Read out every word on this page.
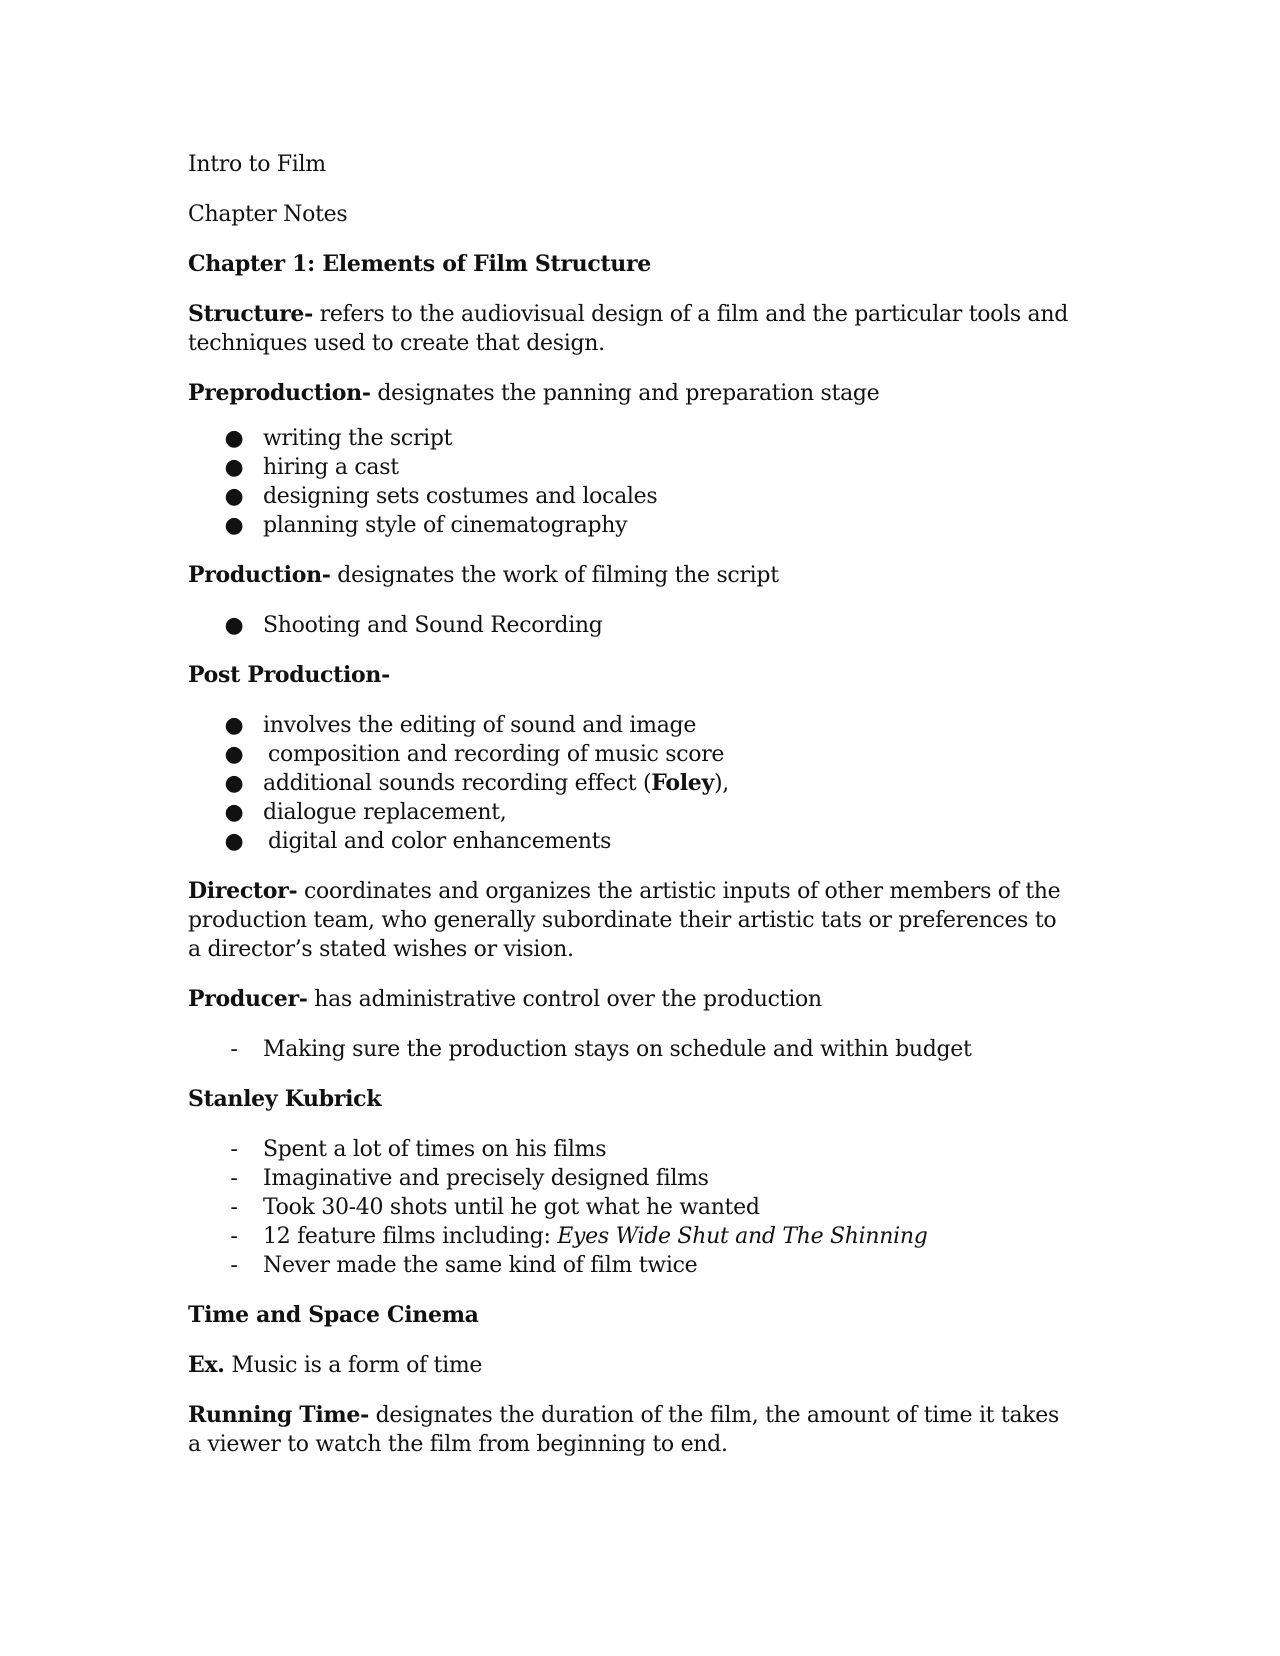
Intro to Film

Chapter Notes

Chapter 1: Elements of Film Structure

Structure- refers to the audiovisual design of a film and the particular tools and techniques used to create that design.

Preproduction- designates the panning and preparation stage

● writing the script
● hiring a cast
● designing sets costumes and locales
● planning style of cinematography

Production- designates the work of filming the script

● Shooting and Sound Recording

Post Production-

● involves the editing of sound and image
● composition and recording of music score
● additional sounds recording effect (Foley),
● dialogue replacement,
● digital and color enhancements

Director- coordinates and organizes the artistic inputs of other members of the production team, who generally subordinate their artistic tats or preferences to a director’s stated wishes or vision.

Producer- has administrative control over the production

- Making sure the production stays on schedule and within budget

Stanley Kubrick

- Spent a lot of times on his films
- Imaginative and precisely designed films
- Took 30-40 shots until he got what he wanted
- 12 feature films including: Eyes Wide Shut and The Shinning
- Never made the same kind of film twice

Time and Space Cinema

Ex. Music is a form of time

Running Time- designates the duration of the film, the amount of time it takes a viewer to watch the film from beginning to end.
